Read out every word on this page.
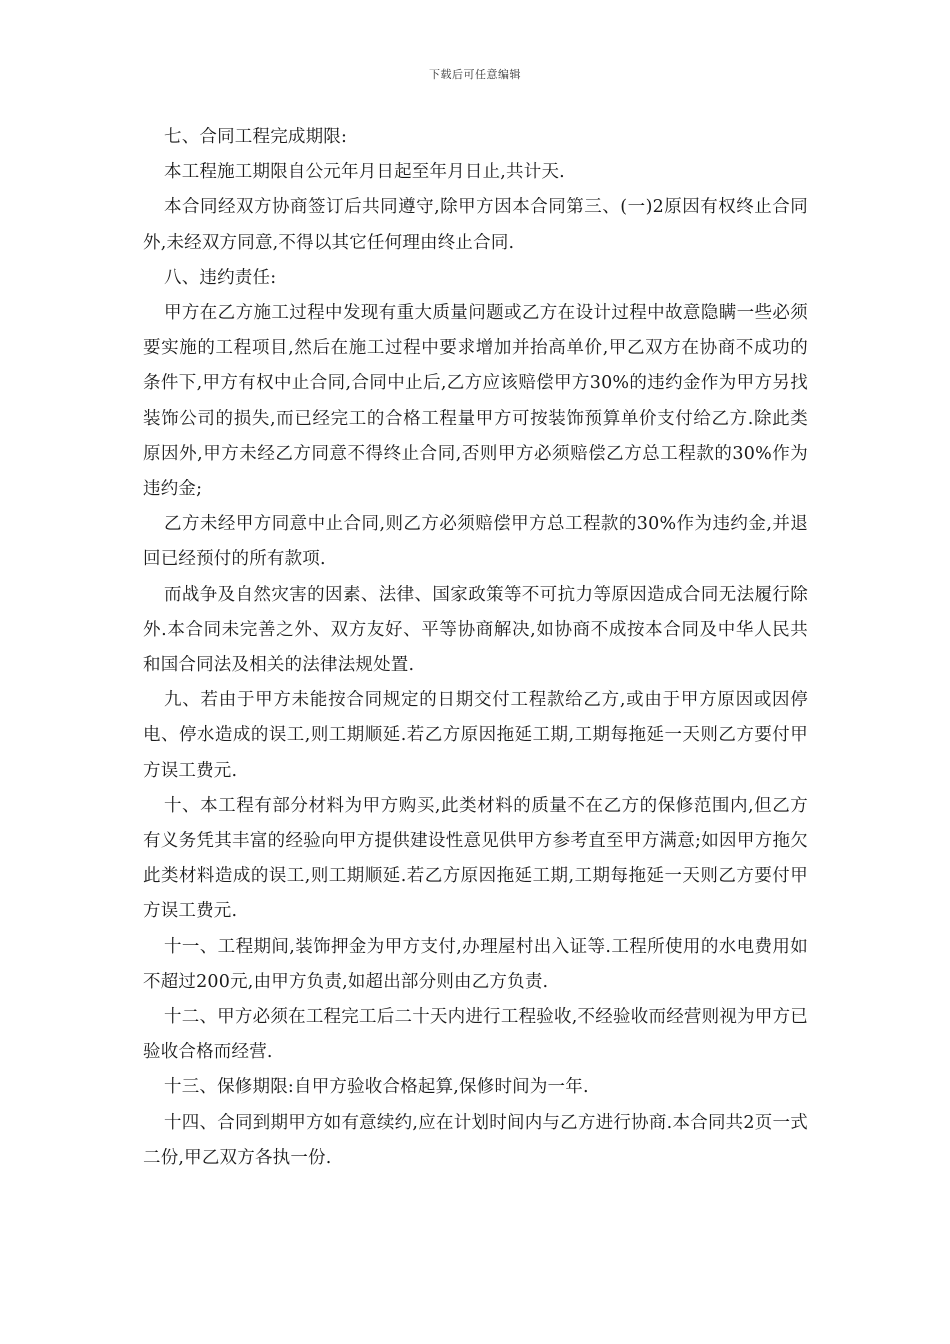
下载后可任意编辑

七、合同工程完成期限:

本工程施工期限自公元年月日起至年月日止,共计天.

本合同经双方协商签订后共同遵守,除甲方因本合同第三、(一)2原因有权终止合同外,未经双方同意,不得以其它任何理由终止合同.

八、违约责任:

甲方在乙方施工过程中发现有重大质量问题或乙方在设计过程中故意隐瞒一些必须要实施的工程项目,然后在施工过程中要求增加并抬高单价,甲乙双方在协商不成功的条件下,甲方有权中止合同,合同中止后,乙方应该赔偿甲方30%的违约金作为甲方另找装饰公司的损失,而已经完工的合格工程量甲方可按装饰预算单价支付给乙方.除此类原因外,甲方未经乙方同意不得终止合同,否则甲方必须赔偿乙方总工程款的30%作为违约金;

乙方未经甲方同意中止合同,则乙方必须赔偿甲方总工程款的30%作为违约金,并退回已经预付的所有款项.

而战争及自然灾害的因素、法律、国家政策等不可抗力等原因造成合同无法履行除外.本合同未完善之外、双方友好、平等协商解决,如协商不成按本合同及中华人民共和国合同法及相关的法律法规处置.

九、若由于甲方未能按合同规定的日期交付工程款给乙方,或由于甲方原因或因停电、停水造成的误工,则工期顺延.若乙方原因拖延工期,工期每拖延一天则乙方要付甲方误工费元.

十、本工程有部分材料为甲方购买,此类材料的质量不在乙方的保修范围内,但乙方有义务凭其丰富的经验向甲方提供建设性意见供甲方参考直至甲方满意;如因甲方拖欠此类材料造成的误工,则工期顺延.若乙方原因拖延工期,工期每拖延一天则乙方要付甲方误工费元.

十一、工程期间,装饰押金为甲方支付,办理屋村出入证等.工程所使用的水电费用如不超过200元,由甲方负责,如超出部分则由乙方负责.

十二、甲方必须在工程完工后二十天内进行工程验收,不经验收而经营则视为甲方已验收合格而经营.

十三、保修期限:自甲方验收合格起算,保修时间为一年.

十四、合同到期甲方如有意续约,应在计划时间内与乙方进行协商.本合同共2页一式二份,甲乙双方各执一份.
